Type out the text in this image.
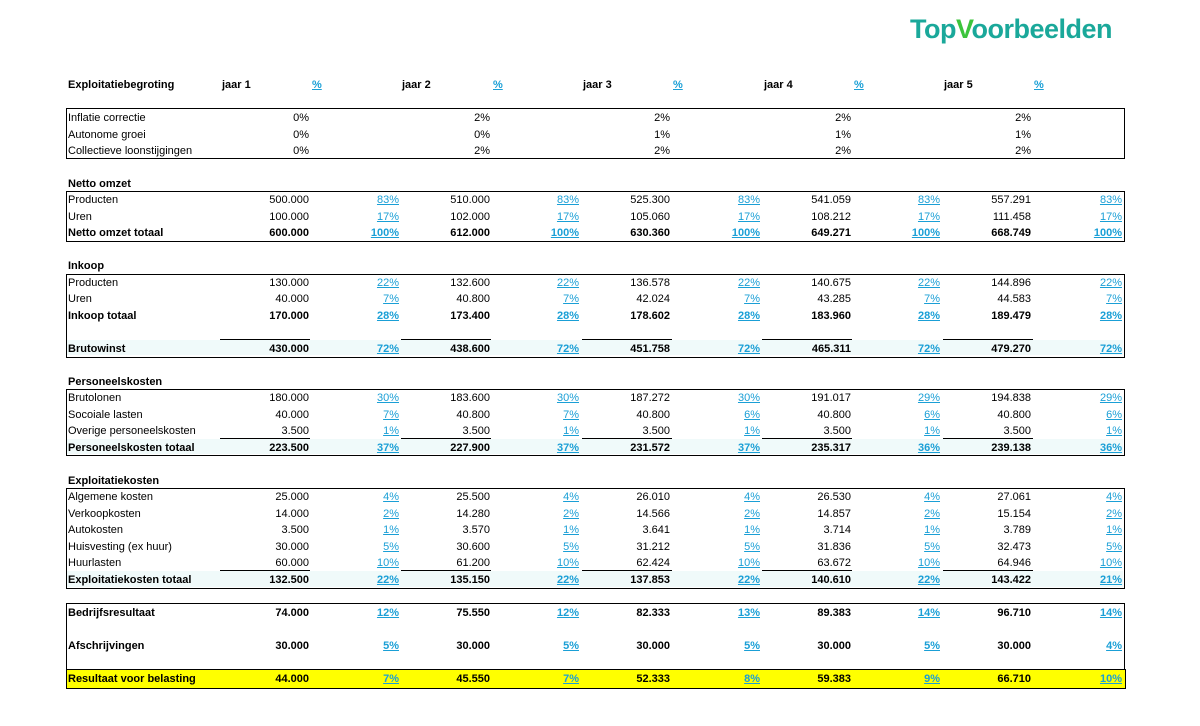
TopVoorbeelden
Exploitatiebegroting	jaar 1	%	jaar 2	%	jaar 3	%	jaar 4	%	jaar 5	%
Inflatie correctie	0%	2%	2%	2%	2%
Autonome groei	0%	0%	1%	1%	1%
Collectieve loonstijgingen	0%	2%	2%	2%	2%
Netto omzet
Producten	500.000	83%	510.000	83%	525.300	83%	541.059	83%	557.291	83%
Uren	100.000	17%	102.000	17%	105.060	17%	108.212	17%	111.458	17%
Netto omzet totaal	600.000	100%	612.000	100%	630.360	100%	649.271	100%	668.749	100%
Inkoop
Producten	130.000	22%	132.600	22%	136.578	22%	140.675	22%	144.896	22%
Uren	40.000	7%	40.800	7%	42.024	7%	43.285	7%	44.583	7%
Inkoop totaal	170.000	28%	173.400	28%	178.602	28%	183.960	28%	189.479	28%
Brutowinst	430.000	72%	438.600	72%	451.758	72%	465.311	72%	479.270	72%
Personeelskosten
Brutolonen	180.000	30%	183.600	30%	187.272	30%	191.017	29%	194.838	29%
Socoiale lasten	40.000	7%	40.800	7%	40.800	6%	40.800	6%	40.800	6%
Overige personeelskosten	3.500	1%	3.500	1%	3.500	1%	3.500	1%	3.500	1%
Personeelskosten totaal	223.500	37%	227.900	37%	231.572	37%	235.317	36%	239.138	36%
Exploitatiekosten
Algemene kosten	25.000	4%	25.500	4%	26.010	4%	26.530	4%	27.061	4%
Verkoopkosten	14.000	2%	14.280	2%	14.566	2%	14.857	2%	15.154	2%
Autokosten	3.500	1%	3.570	1%	3.641	1%	3.714	1%	3.789	1%
Huisvesting (ex huur)	30.000	5%	30.600	5%	31.212	5%	31.836	5%	32.473	5%
Huurlasten	60.000	10%	61.200	10%	62.424	10%	63.672	10%	64.946	10%
Exploitatiekosten totaal	132.500	22%	135.150	22%	137.853	22%	140.610	22%	143.422	21%
Bedrijfsresultaat	74.000	12%	75.550	12%	82.333	13%	89.383	14%	96.710	14%
Afschrijvingen	30.000	5%	30.000	5%	30.000	5%	30.000	5%	30.000	4%
Resultaat voor belasting	44.000	7%	45.550	7%	52.333	8%	59.383	9%	66.710	10%
